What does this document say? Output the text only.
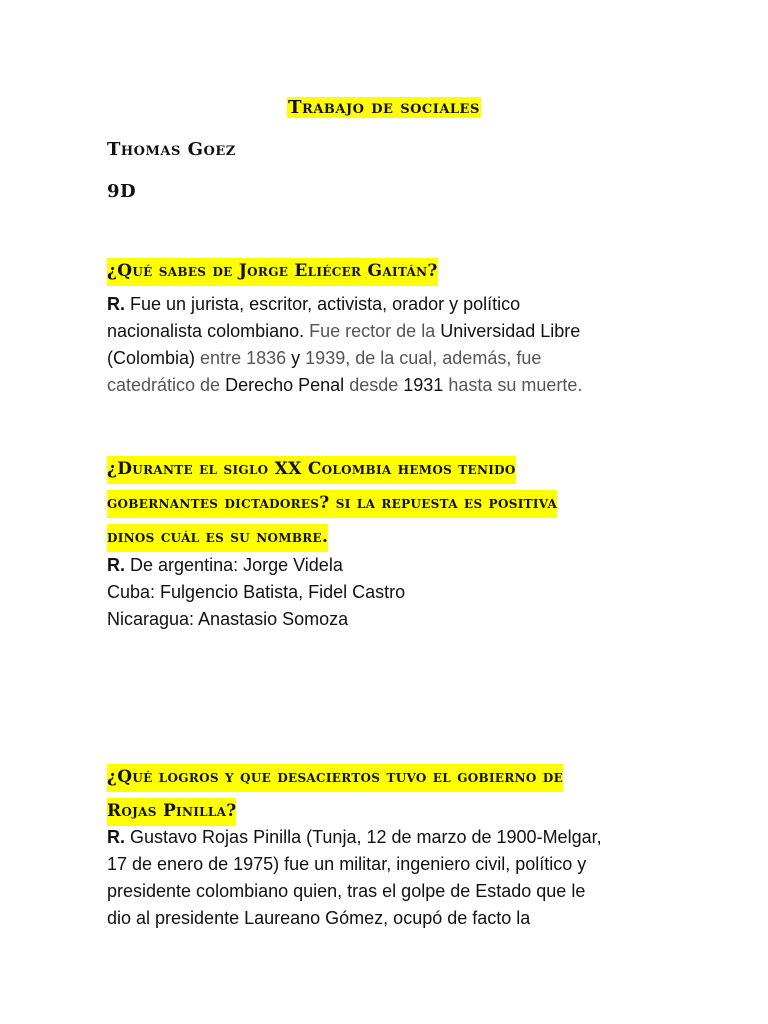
Trabajo de sociales
Thomas Goez
9D
¿Qué sabes de Jorge Eliécer Gaitán?
R. Fue un jurista, escritor, activista, orador y político
nacionalista colombiano. Fue rector de la Universidad Libre
(Colombia) entre 1836 y 1939, de la cual, además, fue
catedrático de Derecho Penal desde 1931 hasta su muerte.
¿Durante el siglo XX Colombia hemos tenido
gobernantes dictadores? si la repuesta es positiva
dinos cuál es su nombre.
R. De argentina: Jorge Videla
Cuba: Fulgencio Batista, Fidel Castro
Nicaragua: Anastasio Somoza
¿Qué logros y que desaciertos tuvo el gobierno de
Rojas Pinilla?
R. Gustavo Rojas Pinilla (Tunja, 12 de marzo de 1900-Melgar,
17 de enero de 1975) fue un militar, ingeniero civil, político y
presidente colombiano quien, tras el golpe de Estado que le
dio al presidente Laureano Gómez, ocupó de facto la
